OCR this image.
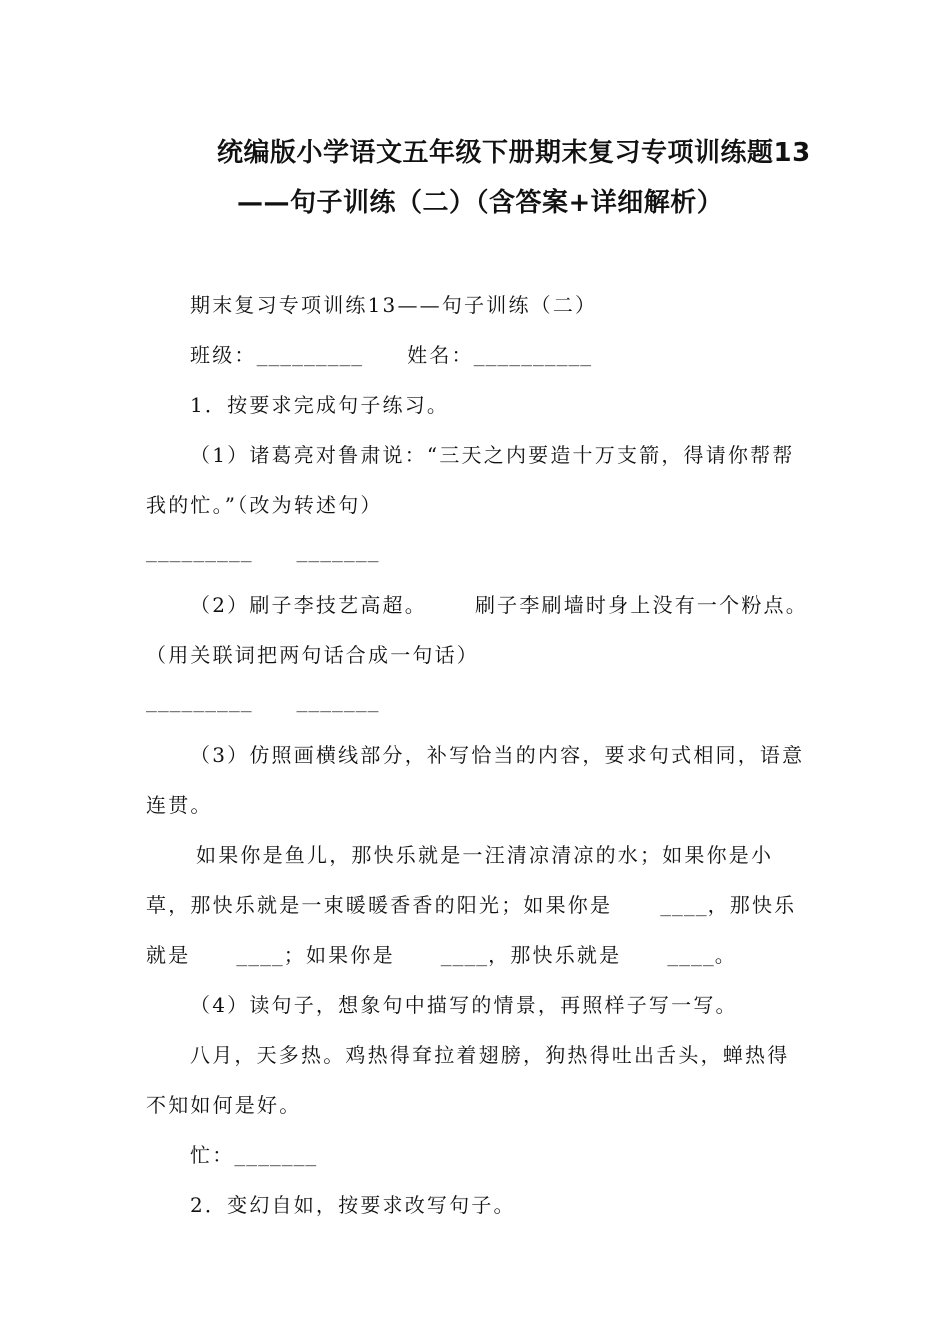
统编版小学语文五年级下册期末复习专项训练题13
——句子训练（二）（含答案+详细解析）
期末复习专项训练13——句子训练（二）
班级：_________ 姓名：__________
1．按要求完成句子练习。
（1）诸葛亮对鲁肃说：“三天之内要造十万支箭，得请你帮帮
我的忙。”（改为转述句）
_________ _______
（2）刷子李技艺高超。 刷子李刷墙时身上没有一个粉点。
（用关联词把两句话合成一句话）
_________ _______
（3）仿照画横线部分，补写恰当的内容，要求句式相同，语意
连贯。
如果你是鱼儿，那快乐就是一汪清凉清凉的水；如果你是小
草，那快乐就是一束暖暖香香的阳光；如果你是	____，那快乐
就是	____；如果你是	____，那快乐就是	____。
（4）读句子，想象句中描写的情景，再照样子写一写。
八月，天多热。鸡热得耷拉着翅膀，狗热得吐出舌头，蝉热得
不知如何是好。
忙：_______
2．变幻自如，按要求改写句子。
